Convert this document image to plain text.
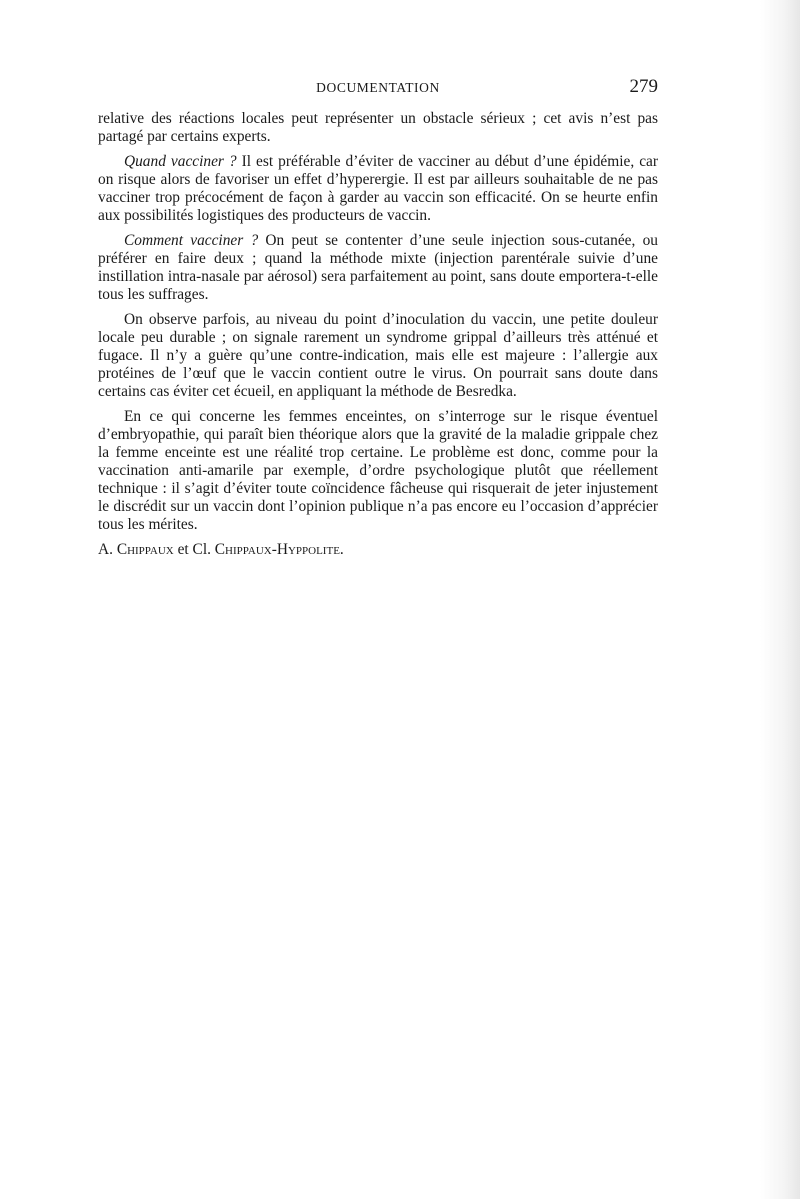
DOCUMENTATION	279

relative des réactions locales peut représenter un obstacle sérieux ; cet avis n’est pas partagé par certains experts.

Quand vacciner ? Il est préférable d’éviter de vacciner au début d’une épidémie, car on risque alors de favoriser un effet d’hyperergie. Il est par ailleurs souhaitable de ne pas vacciner trop précocément de façon à garder au vaccin son efficacité. On se heurte enfin aux possibilités logistiques des producteurs de vaccin.

Comment vacciner ? On peut se contenter d’une seule injection sous-cutanée, ou préférer en faire deux ; quand la méthode mixte (injection parentérale suivie d’une instillation intra-nasale par aérosol) sera parfaitement au point, sans doute emportera-t-elle tous les suffrages.

On observe parfois, au niveau du point d’inoculation du vaccin, une petite douleur locale peu durable ; on signale rarement un syndrome grippal d’ailleurs très atténué et fugace. Il n’y a guère qu’une contre-indication, mais elle est majeure : l’allergie aux protéines de l’œuf que le vaccin contient outre le virus. On pourrait sans doute dans certains cas éviter cet écueil, en appliquant la méthode de Besredka.

En ce qui concerne les femmes enceintes, on s’interroge sur le risque éventuel d’embryopathie, qui paraît bien théorique alors que la gravité de la maladie grippale chez la femme enceinte est une réalité trop certaine. Le problème est donc, comme pour la vaccination anti-amarile par exemple, d’ordre psychologique plutôt que réellement technique : il s’agit d’éviter toute coïncidence fâcheuse qui risquerait de jeter injustement le discrédit sur un vaccin dont l’opinion publique n’a pas encore eu l’occasion d’apprécier tous les mérites.

A. Chippaux et Cl. Chippaux-Hyppolite.
